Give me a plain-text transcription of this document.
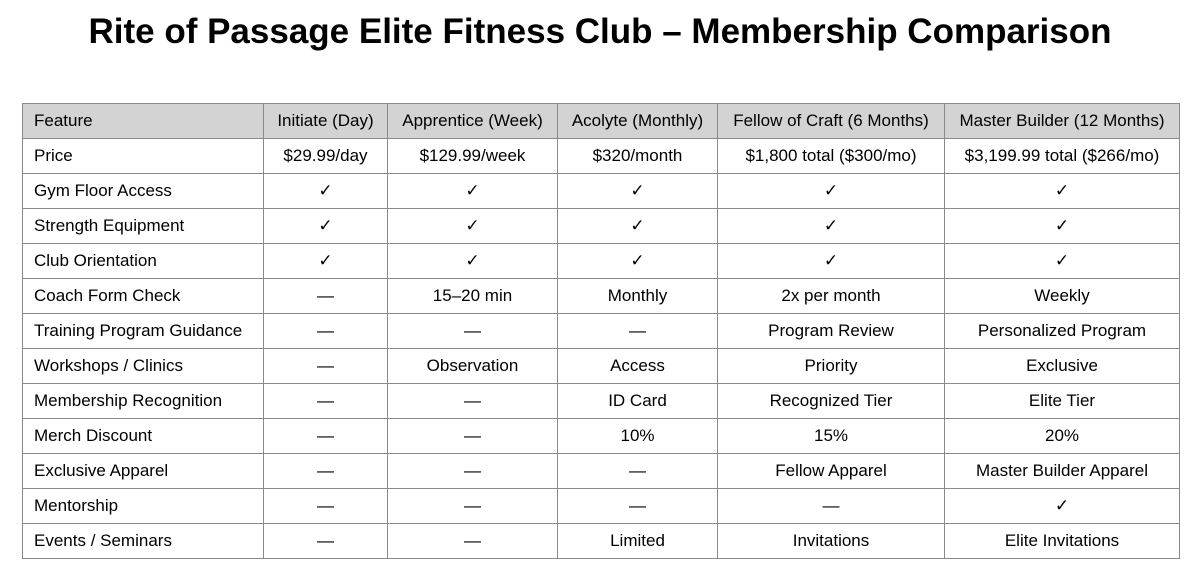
Rite of Passage Elite Fitness Club – Membership Comparison
Feature	Initiate (Day)	Apprentice (Week)	Acolyte (Monthly)	Fellow of Craft (6 Months)	Master Builder (12 Months)
Price	$29.99/day	$129.99/week	$320/month	$1,800 total ($300/mo)	$3,199.99 total ($266/mo)
Gym Floor Access	✓	✓	✓	✓	✓
Strength Equipment	✓	✓	✓	✓	✓
Club Orientation	✓	✓	✓	✓	✓
Coach Form Check	—	15–20 min	Monthly	2x per month	Weekly
Training Program Guidance	—	—	—	Program Review	Personalized Program
Workshops / Clinics	—	Observation	Access	Priority	Exclusive
Membership Recognition	—	—	ID Card	Recognized Tier	Elite Tier
Merch Discount	—	—	10%	15%	20%
Exclusive Apparel	—	—	—	Fellow Apparel	Master Builder Apparel
Mentorship	—	—	—	—	✓
Events / Seminars	—	—	Limited	Invitations	Elite Invitations
